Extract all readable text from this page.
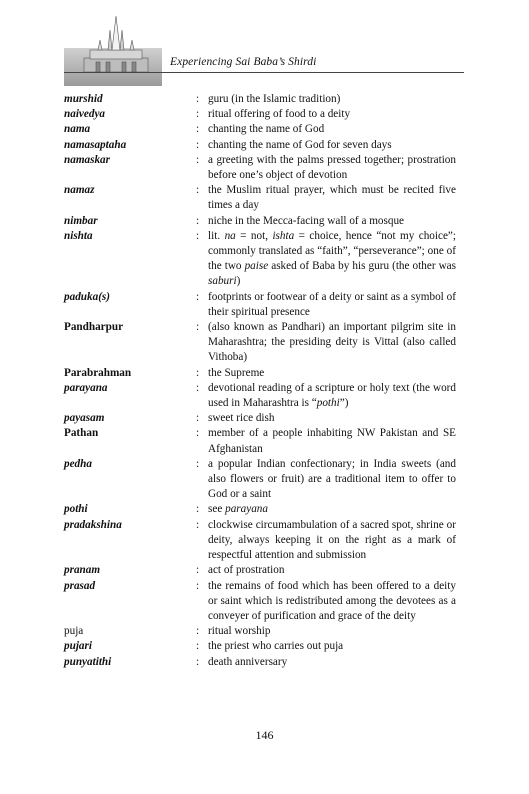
Experiencing Sai Baba’s Shirdi
murshid	: guru (in the Islamic tradition)
naivedya	: ritual offering of food to a deity
nama	: chanting the name of God
namasaptaha	: chanting the name of God for seven days
namaskar	: a greeting with the palms pressed together; prostration before one’s object of devotion
namaz	: the Muslim ritual prayer, which must be recited five times a day
nimbar	: niche in the Mecca-facing wall of a mosque
nishta	: lit. na = not, ishta = choice, hence “not my choice”; commonly translated as “faith”, “perseverance”; one of the two paise asked of Baba by his guru (the other was saburi)
paduka(s)	: footprints or footwear of a deity or saint as a symbol of their spiritual presence
Pandharpur	: (also known as Pandhari) an important pilgrim site in Maharashtra; the presiding deity is Vittal (also called Vithoba)
Parabrahman	: the Supreme
parayana	: devotional reading of a scripture or holy text (the word used in Maharashtra is “pothi”)
payasam	: sweet rice dish
Pathan	: member of a people inhabiting NW Pakistan and SE Afghanistan
pedha	: a popular Indian confectionary; in India sweets (and also flowers or fruit) are a traditional item to offer to God or a saint
pothi	: see parayana
pradakshina	: clockwise circumambulation of a sacred spot, shrine or deity, always keeping it on the right as a mark of respectful attention and submission
pranam	: act of prostration
prasad	: the remains of food which has been offered to a deity or saint which is redistributed among the devotees as a conveyer of purification and grace of the deity
puja	: ritual worship
pujari	: the priest who carries out puja
punyatithi	: death anniversary
146
